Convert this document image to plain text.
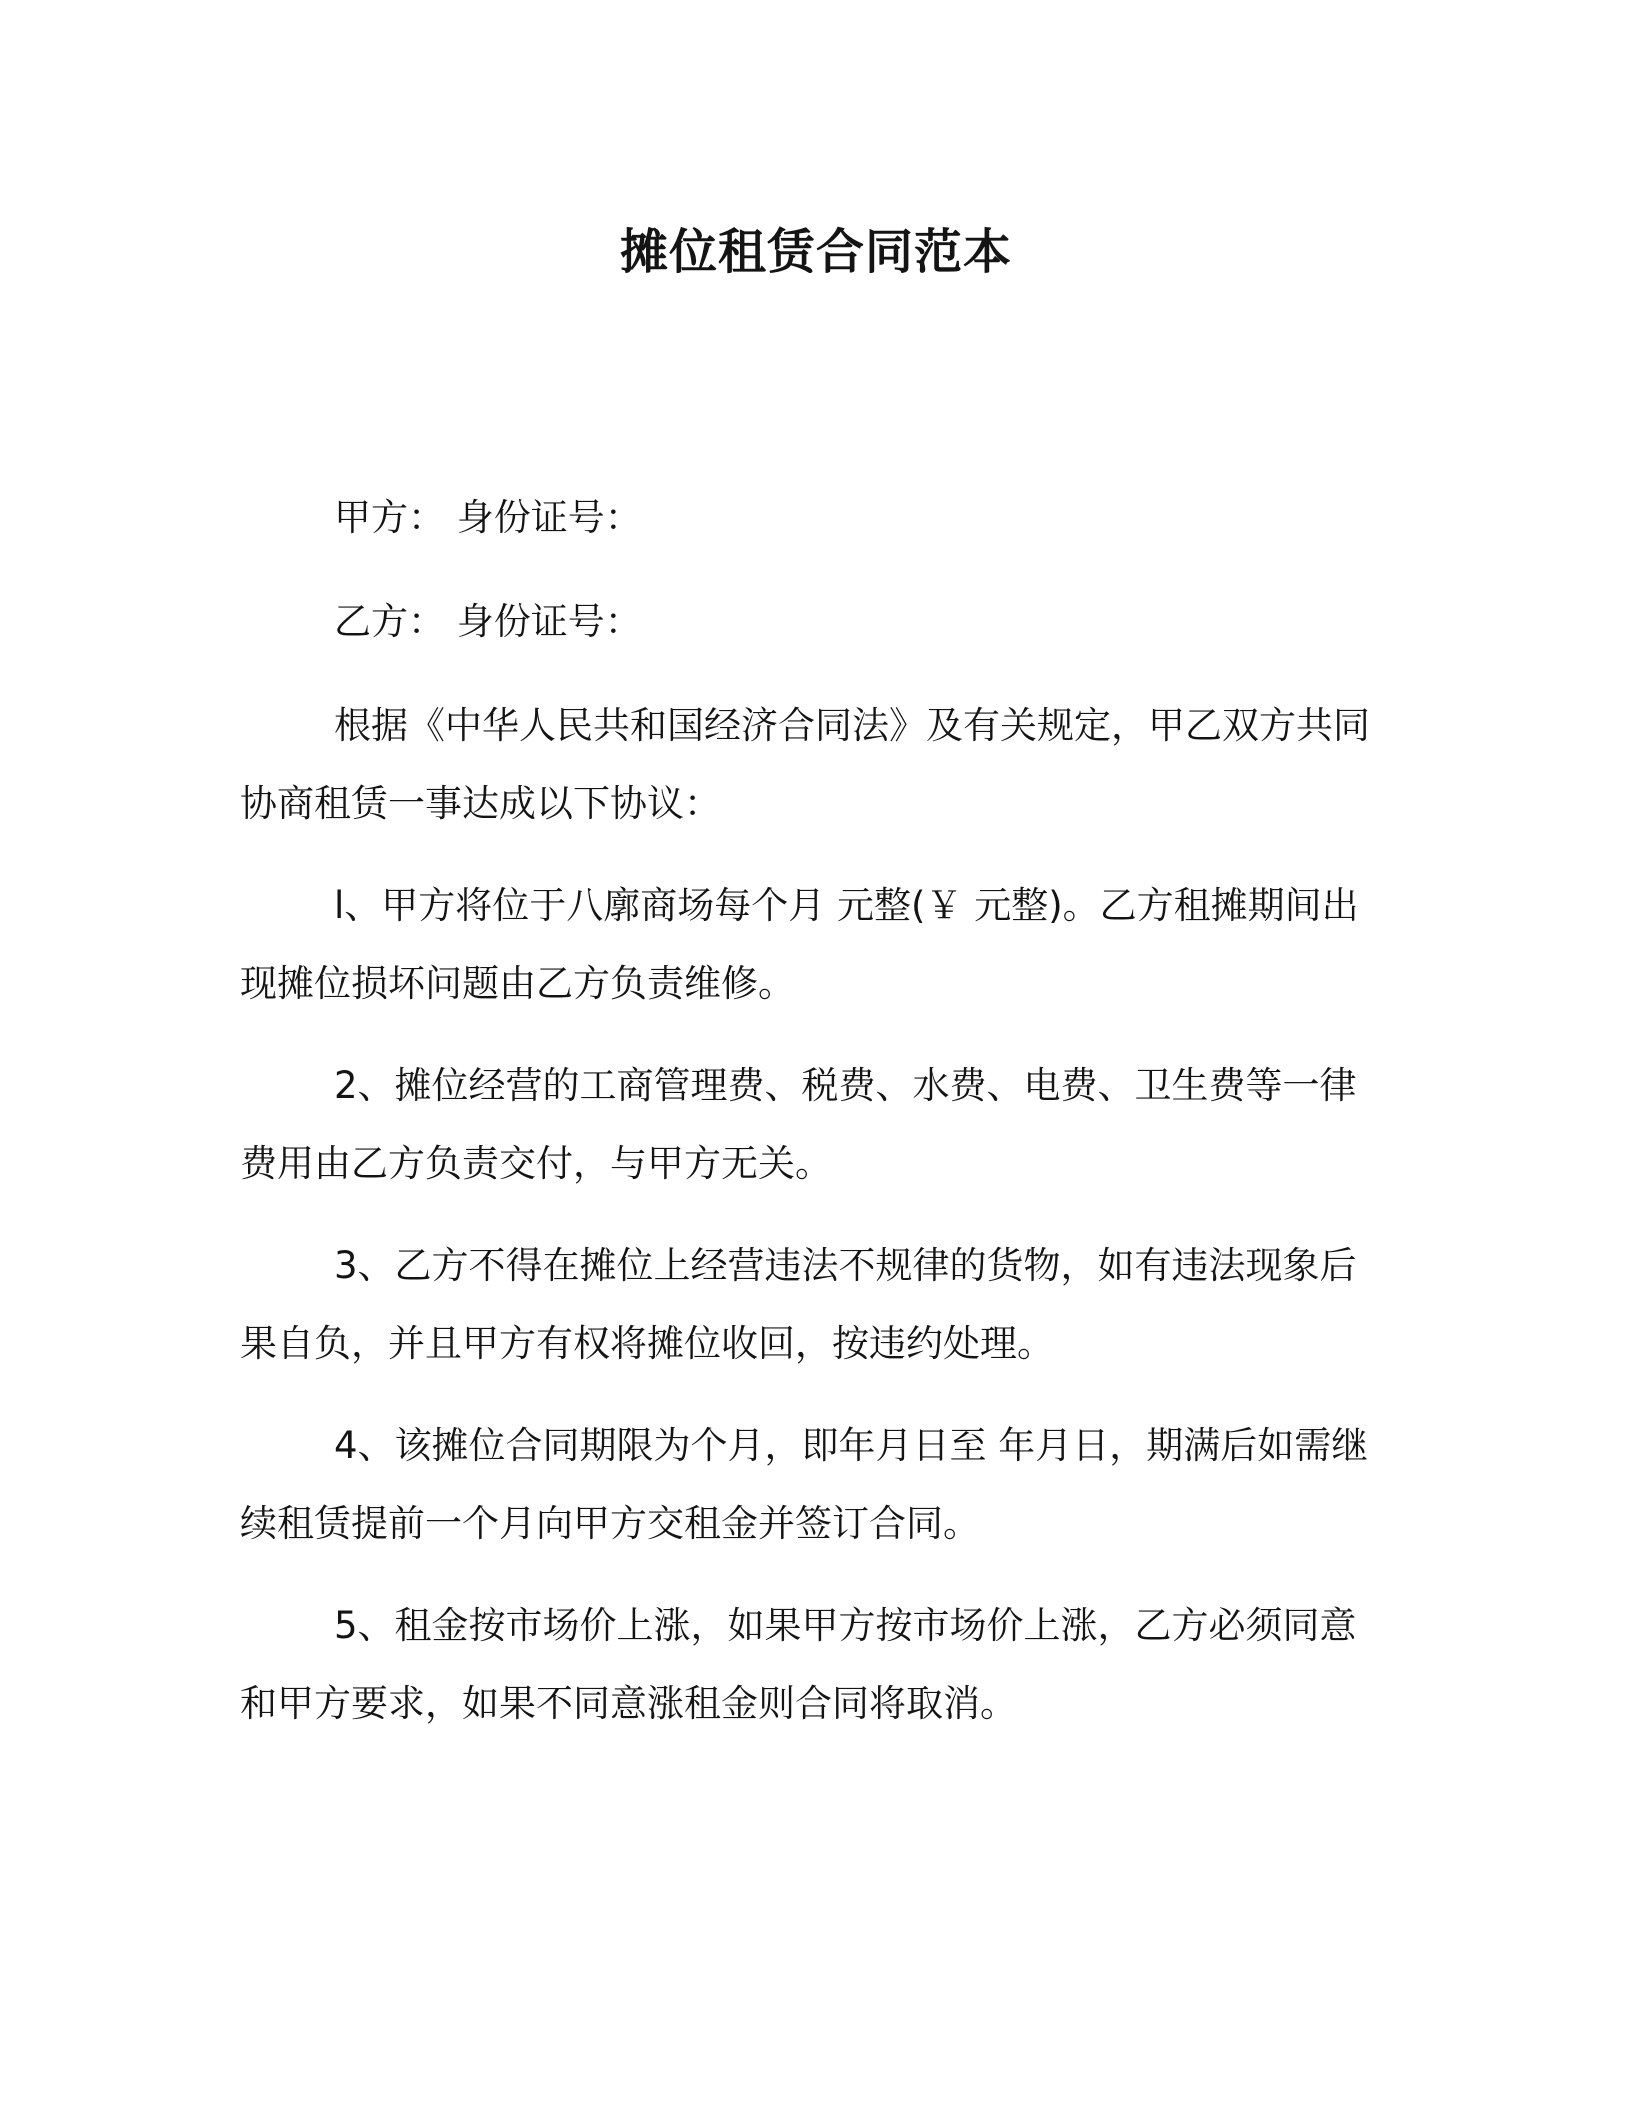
摊位租赁合同范本
甲方： 身份证号：
乙方： 身份证号：
根据《中华人民共和国经济合同法》及有关规定，甲乙双方共同
协商租赁一事达成以下协议：
l、甲方将位于八廓商场每个月 元整(￥ 元整)。乙方租摊期间出
现摊位损坏问题由乙方负责维修。
2、摊位经营的工商管理费、税费、水费、电费、卫生费等一律
费用由乙方负责交付，与甲方无关。
3、乙方不得在摊位上经营违法不规律的货物，如有违法现象后
果自负，并且甲方有权将摊位收回，按违约处理。
4、该摊位合同期限为个月，即年月日至 年月日，期满后如需继
续租赁提前一个月向甲方交租金并签订合同。
5、租金按市场价上涨，如果甲方按市场价上涨，乙方必须同意
和甲方要求，如果不同意涨租金则合同将取消。
